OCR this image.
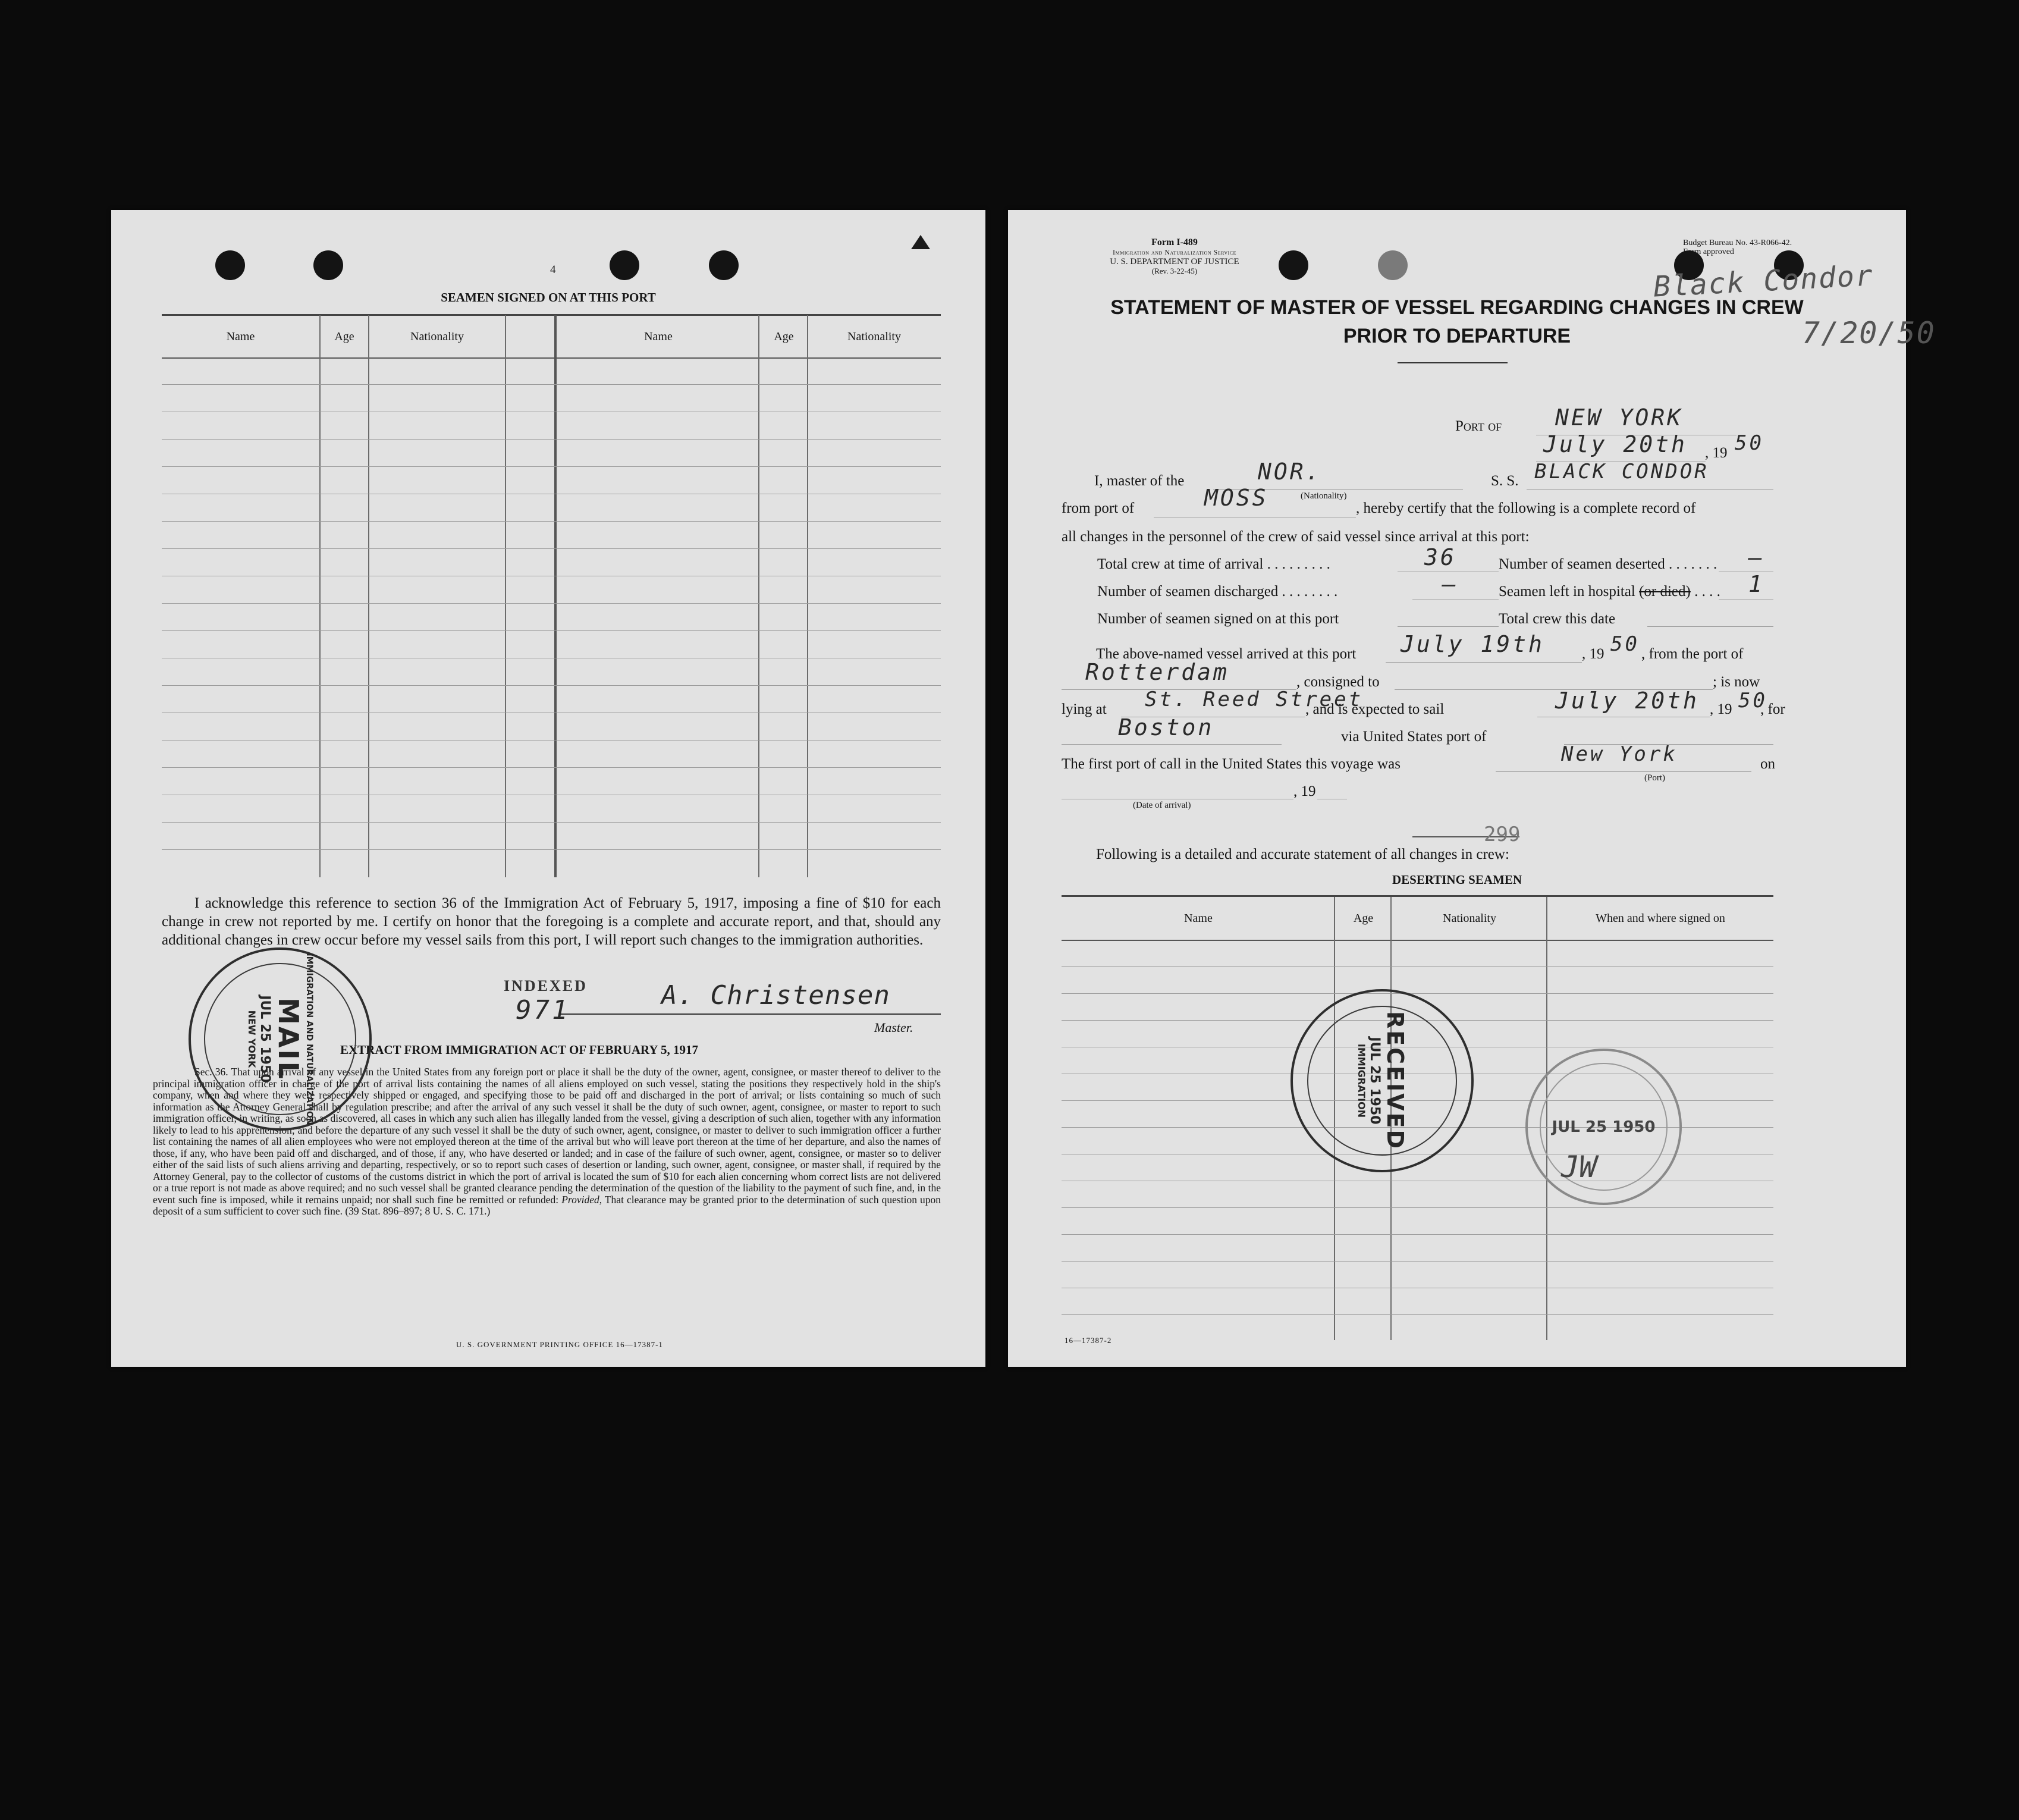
4
SEAMEN SIGNED ON AT THIS PORT
Name	Age	Nationality	Name	Age	Nationality
I acknowledge this reference to section 36 of the Immigration Act of February 5, 1917, imposing a fine of $10 for each change in crew not reported by me. I certify on honor that the foregoing is a complete and accurate report, and that, should any additional changes in crew occur before my vessel sails from this port, I will report such changes to the immigration authorities.
A. Christensen
Master.
EXTRACT FROM IMMIGRATION ACT OF FEBRUARY 5, 1917
Sec. 36. That upon arrival of any vessel in the United States from any foreign port or place it shall be the duty of the owner, agent, consignee, or master thereof to deliver to the principal immigration officer in charge of the port of arrival lists containing the names of all aliens employed on such vessel, stating the positions they respectively hold in the ship's company, when and where they were respectively shipped or engaged, and specifying those to be paid off and discharged in the port of arrival; or lists containing so much of such information as the Attorney General shall by regulation prescribe; and after the arrival of any such vessel it shall be the duty of such owner, agent, consignee, or master to report to such immigration officer, in writing, as soon as discovered, all cases in which any such alien has illegally landed from the vessel, giving a description of such alien, together with any information likely to lead to his apprehension; and before the departure of any such vessel it shall be the duty of such owner, agent, consignee, or master to deliver to such immigration officer a further list containing the names of all alien employees who were not employed thereon at the time of the arrival but who will leave port thereon at the time of her departure, and also the names of those, if any, who have been paid off and discharged, and of those, if any, who have deserted or landed; and in case of the failure of such owner, agent, consignee, or master so to deliver either of the said lists of such aliens arriving and departing, respectively, or so to report such cases of desertion or landing, such owner, agent, consignee, or master shall, if required by the Attorney General, pay to the collector of customs of the customs district in which the port of arrival is located the sum of $10 for each alien concerning whom correct lists are not delivered or a true report is not made as above required; and no such vessel shall be granted clearance pending the determination of the question of the liability to the payment of such fine, and, in the event such fine is imposed, while it remains unpaid; nor shall such fine be remitted or refunded: Provided, That clearance may be granted prior to the determination of such question upon deposit of a sum sufficient to cover such fine. (39 Stat. 896–897; 8 U. S. C. 171.)
U. S. GOVERNMENT PRINTING OFFICE 16—17387-1
INDEXED
971
IMMIGRATION AND NATURALIZATION
MAIL
JUL 25 1950
NEW YORK
Form I-489
Immigration and Naturalization Service
U. S. DEPARTMENT OF JUSTICE
(Rev. 3-22-45)
Budget Bureau No. 43-R066-42.
Form approved
Black Condor
7/20/50
STATEMENT OF MASTER OF VESSEL REGARDING CHANGES IN CREW
PRIOR TO DEPARTURE
Port of NEW YORK
July 20th , 19 50
I, master of the	NOR.
(Nationality)
S. S. BLACK CONDOR
from port of	MOSS	, hereby certify that the following is a complete record of
all changes in the personnel of the crew of said vessel since arrival at this port:
Total crew at time of arrival . . . . . . . . .	36	Number of seamen deserted . . . . . . . —
Number of seamen discharged . . . . . . . .	—	Seamen left in hospital (or died) . . . . 1
Number of seamen signed on at this port	Total crew this date
The above-named vessel arrived at this port July 19th	, 19 50 , from the port of
Rotterdam	, consigned to	; is now
lying at St. Reed Street
, and is expected to sail	July 20th , 19 50
, for
Boston	via United States port of
The first port of call in the United States this voyage was	New York
(Port)
on
(Date of arrival)
, 19
299
Following is a detailed and accurate statement of all changes in crew:
DESERTING SEAMEN
Name	Age	Nationality	When and where signed on
16—17387-2
RECEIVED
JUL 25 1950
IMMIGRATION
JUL 25 1950
JW
